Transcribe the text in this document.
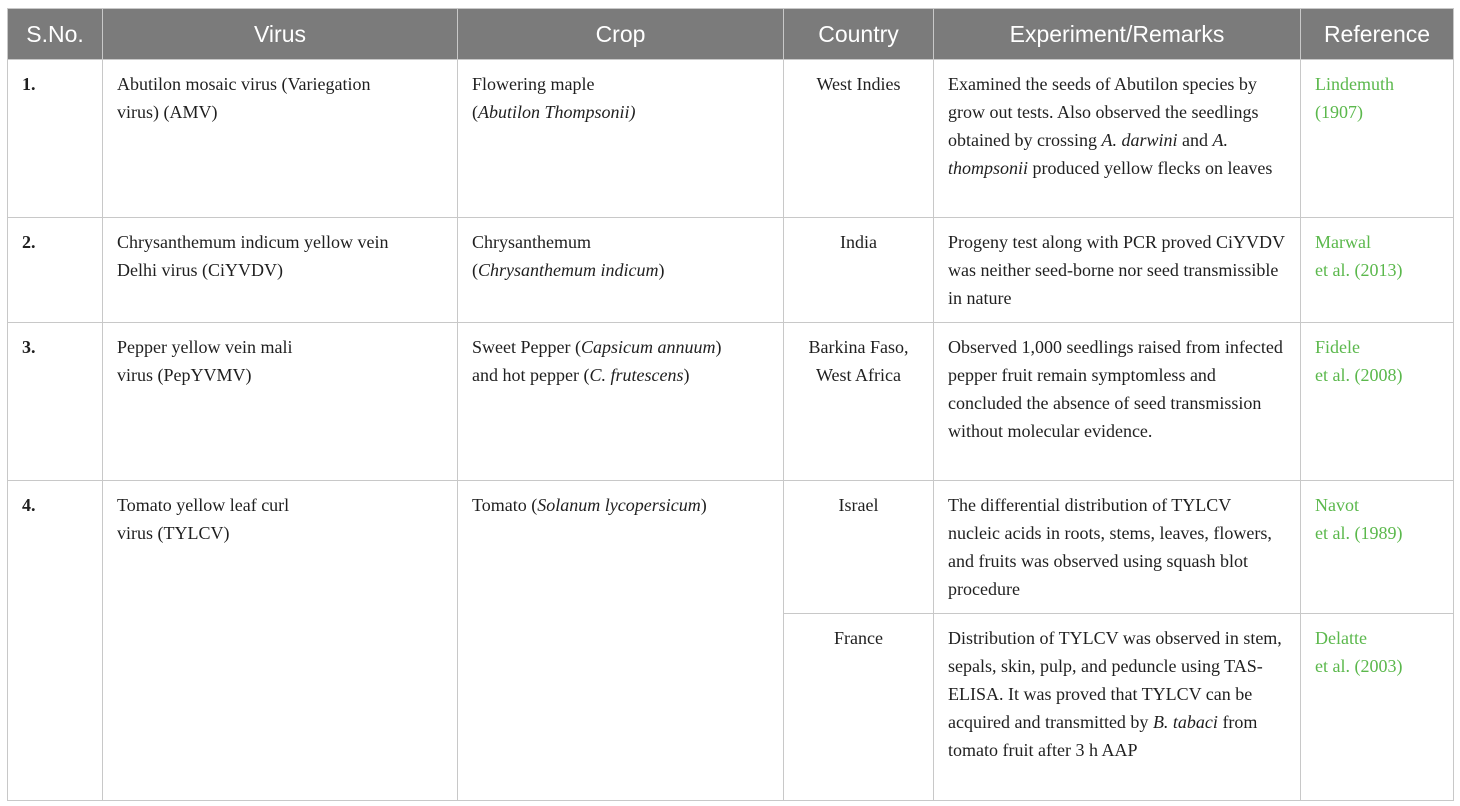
S.No.	Virus	Crop	Country	Experiment/Remarks	Reference
1.	Abutilon mosaic virus (Variegation
virus) (AMV)	Flowering maple
(Abutilon Thompsonii)	West Indies	Examined the seeds of Abutilon species by grow out tests. Also observed the seedlings obtained by crossing A. darwini and A. thompsonii produced yellow flecks on leaves	Lindemuth
(1907)
2.	Chrysanthemum indicum yellow vein
Delhi virus (CiYVDV)	Chrysanthemum
(Chrysanthemum indicum)	India	Progeny test along with PCR proved CiYVDV was neither seed-borne nor seed transmissible in nature	Marwal
et al. (2013)
3.	Pepper yellow vein mali
virus (PepYVMV)	Sweet Pepper (Capsicum annuum)
and hot pepper (C. frutescens)	Barkina Faso,
West Africa	Observed 1,000 seedlings raised from infected pepper fruit remain symptomless and concluded the absence of seed transmission without molecular evidence.	Fidele
et al. (2008)
4.	Tomato yellow leaf curl
virus (TYLCV)	Tomato (Solanum lycopersicum)	Israel	The differential distribution of TYLCV nucleic acids in roots, stems, leaves, flowers, and fruits was observed using squash blot procedure	Navot
et al. (1989)
			France	Distribution of TYLCV was observed in stem, sepals, skin, pulp, and peduncle using TAS-ELISA. It was proved that TYLCV can be acquired and transmitted by B. tabaci from tomato fruit after 3 h AAP	Delatte
et al. (2003)
